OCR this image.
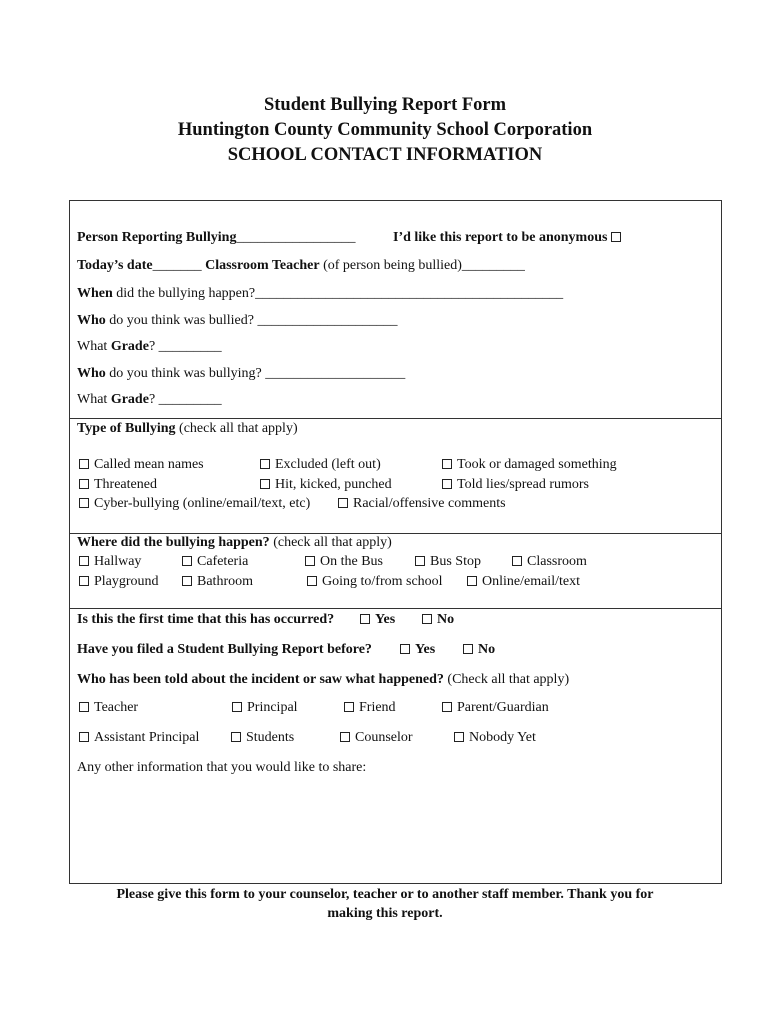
Student Bullying Report Form
Huntington County Community School Corporation
SCHOOL CONTACT INFORMATION
Person Reporting Bullying_________________	I’d like this report to be anonymous
Today’s date_______ Classroom Teacher (of person being bullied)_________
When did the bullying happen?____________________________________________
Who do you think was bullied? ____________________
What Grade? _________
Who do you think was bullying? ____________________
What Grade? _________
Type of Bullying (check all that apply)
Called mean names	Excluded (left out)	Took or damaged something
Threatened	Hit, kicked, punched	Told lies/spread rumors
Cyber-bullying (online/email/text, etc)	Racial/offensive comments
Where did the bullying happen? (check all that apply)
Hallway	Cafeteria	On the Bus	Bus Stop	Classroom
Playground	Bathroom	Going to/from school	Online/email/text
Is this the first time that this has occurred?	Yes	No
Have you filed a Student Bullying Report before?	Yes	No
Who has been told about the incident or saw what happened? (Check all that apply)
Teacher	Principal	Friend	Parent/Guardian
Assistant Principal	Students	Counselor	Nobody Yet
Any other information that you would like to share:
Please give this form to your counselor, teacher or to another staff member. Thank you for making this report.
